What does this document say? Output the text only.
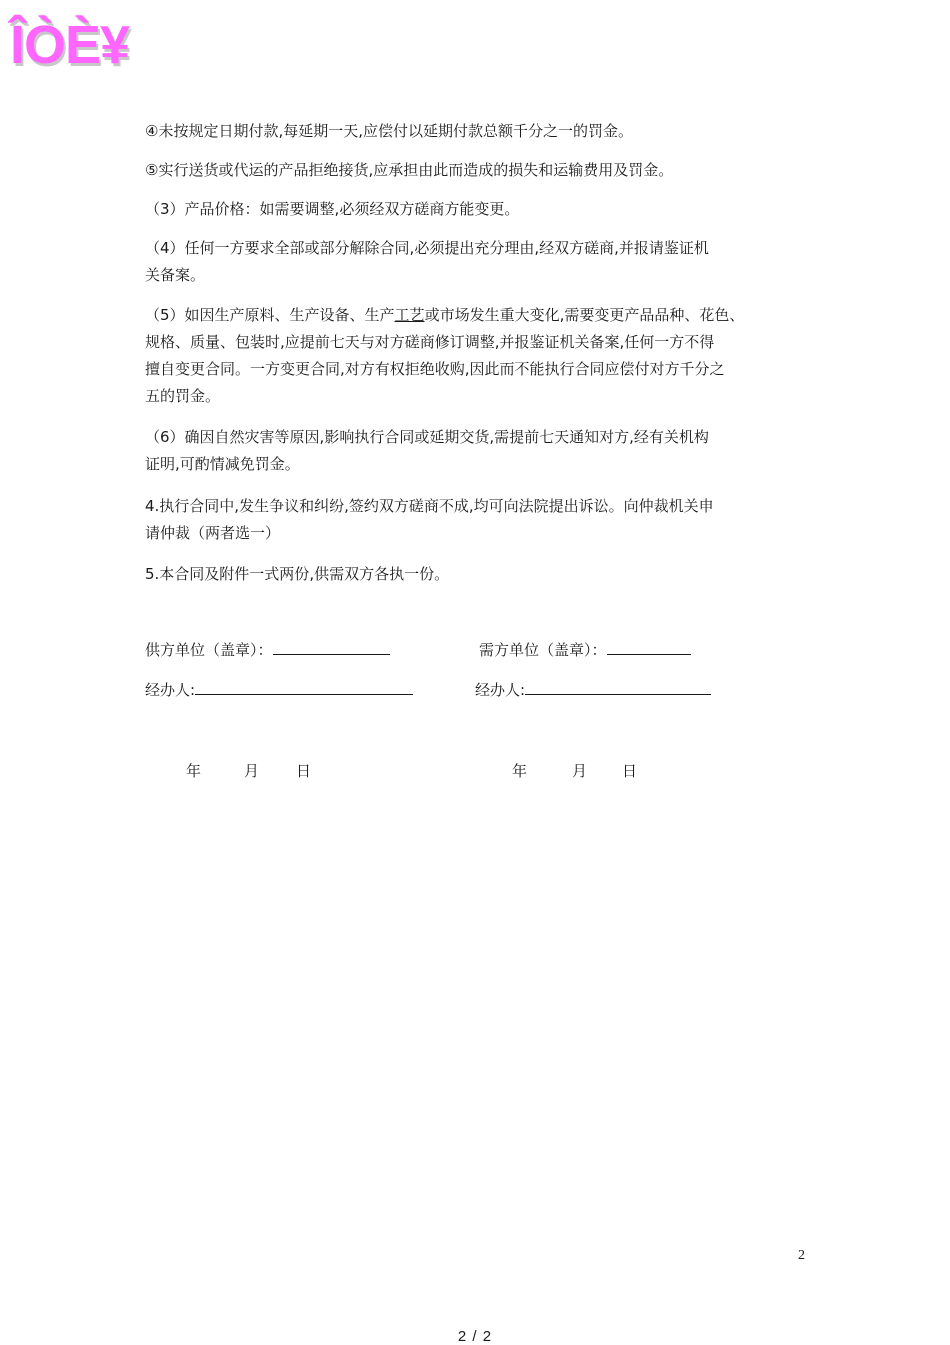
ÎÒÈ¥
④未按规定日期付款,每延期一天,应偿付以延期付款总额千分之一的罚金。
⑤实行送货或代运的产品拒绝接货,应承担由此而造成的损失和运输费用及罚金。
（3）产品价格：如需要调整,必须经双方磋商方能变更。
（4）任何一方要求全部或部分解除合同,必须提出充分理由,经双方磋商,并报请鉴证机
关备案。
（5）如因生产原料、生产设备、生产工艺或市场发生重大变化,需要变更产品品种、花色、
规格、质量、包装时,应提前七天与对方磋商修订调整,并报鉴证机关备案,任何一方不得
擅自变更合同。一方变更合同,对方有权拒绝收购,因此而不能执行合同应偿付对方千分之
五的罚金。
（6）确因自然灾害等原因,影响执行合同或延期交货,需提前七天通知对方,经有关机构
证明,可酌情减免罚金。
4.执行合同中,发生争议和纠纷,签约双方磋商不成,均可向法院提出诉讼。向仲裁机关申
请仲裁（两者选一）
5.本合同及附件一式两份,供需双方各执一份。
供方单位（盖章）：	需方单位（盖章）：
经办人:	经办人:
年	月 日	年	月 日
2
2 / 2
